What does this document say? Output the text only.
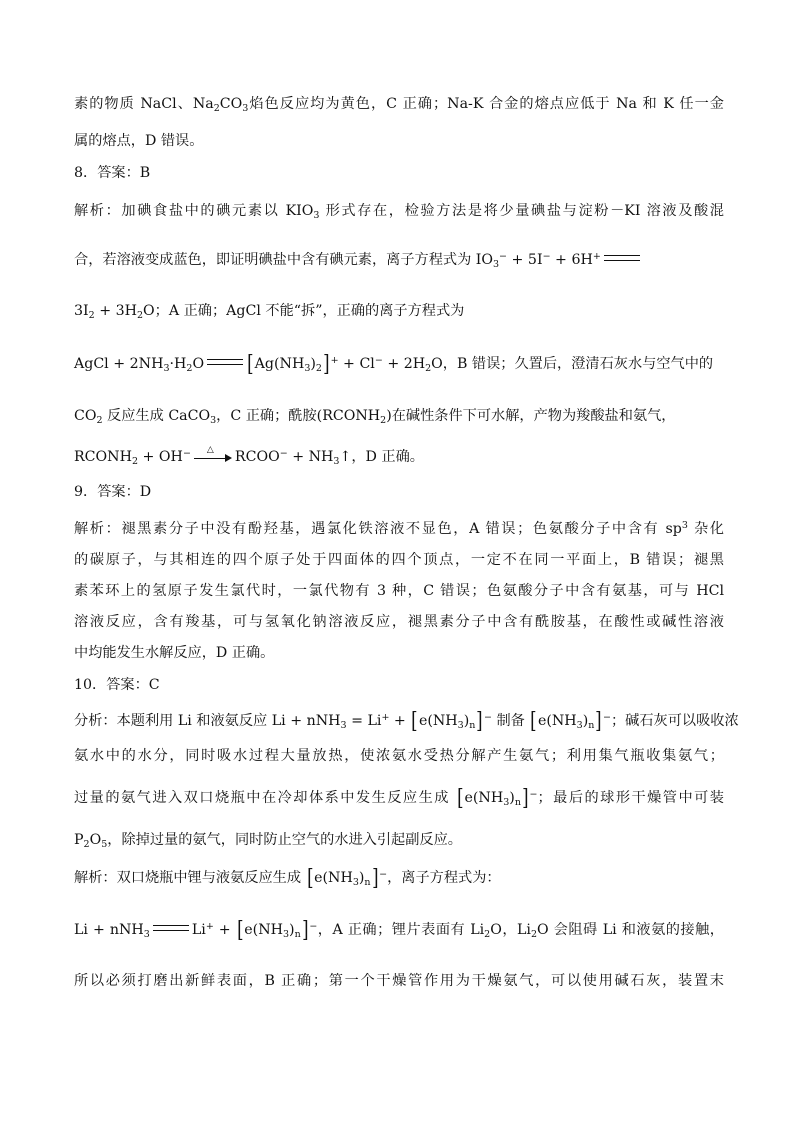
素的物质 NaCl、$Na_2CO_3$焰色反应均为黄色，C 正确；Na-K 合金的熔点应低于 Na 和 K 任一金
属的熔点，D 错误。
8．答案：B
解析：加碘食盐中的碘元素以 $KIO_3$ 形式存在，检验方法是将少量碘盐与淀粉－KI 溶液及酸混
合，若溶液变成蓝色，即证明碘盐中含有碘元素，离子方程式为 $IO_3^- + 5I^- + 6H^+$
$3I_2 + 3H_2O$；A 正确；AgCl 不能“拆”，正确的离子方程式为
AgCl + $2NH_3\cdot H_2O$ $[Ag(NH_3)_2]^+ + Cl^- + 2H_2O$，B 错误；久置后，澄清石灰水与空气中的
$CO_2$ 反应生成 CaCO$_3$，C 正确；酰胺$(RCONH_2)$在碱性条件下可水解，产物为羧酸盐和氨气，
$RCONH_2 + OH^-$ △ RCOO− + $NH_3↑$，D 正确。
9．答案：D
解析：褪黑素分子中没有酚羟基，遇氯化铁溶液不显色，A 错误；色氨酸分子中含有 $sp^3$ 杂化
的碳原子，与其相连的四个原子处于四面体的四个顶点，一定不在同一平面上，B 错误；褪黑
素苯环上的氢原子发生氯代时，一氯代物有 3 种，C 错误；色氨酸分子中含有氨基，可与 HCl
溶液反应，含有羧基，可与氢氧化钠溶液反应，褪黑素分子中含有酰胺基，在酸性或碱性溶液
中均能发生水解反应，D 正确。
10．答案：C
分析：本题利用 Li 和液氨反应 $Li + nNH_3 = Li^+ + [e(NH_3)_n]^-$ 制备 $[e(NH_3)_n]^-$；碱石灰可以吸收浓
氨水中的水分，同时吸水过程大量放热，使浓氨水受热分解产生氨气；利用集气瓶收集氨气；
过量的氨气进入双口烧瓶中在冷却体系中发生反应生成 $[e(NH_3)_n]^-$；最后的球形干燥管中可装
$P_2O_5$，除掉过量的氨气，同时防止空气的水进入引起副反应。
解析：双口烧瓶中锂与液氨反应生成 $[e(NH_3)_n]^-$，离子方程式为：
Li + nNH$_3$	$Li^+ + [e(NH_3)_n]^-$，A 正确；锂片表面有 $Li_2O$，$Li_2O$ 会阻碍 Li 和液氨的接触，
所以必须打磨出新鲜表面，B 正确；第一个干燥管作用为干燥氨气，可以使用碱石灰，装置末
